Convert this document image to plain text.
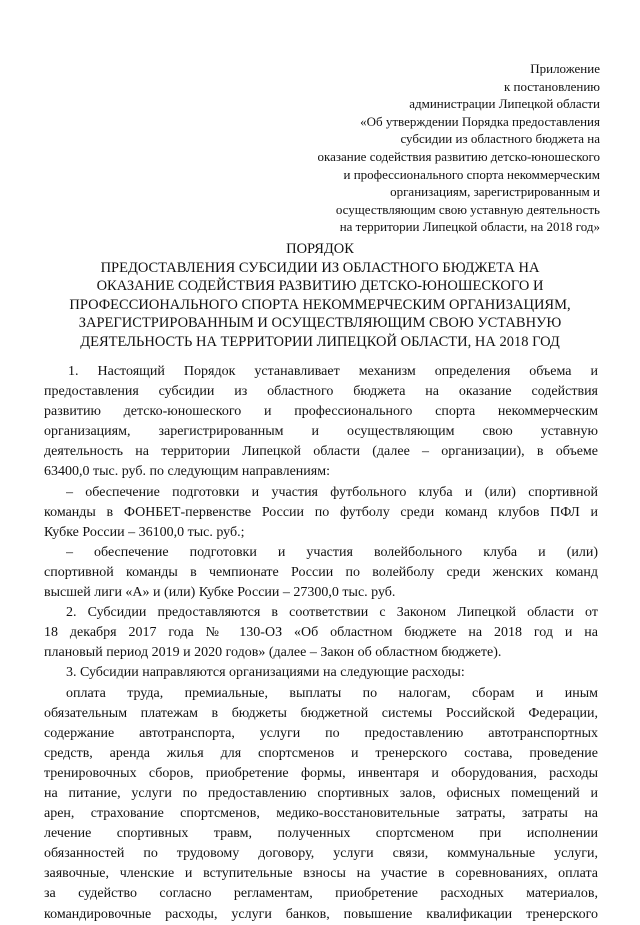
Приложение
к постановлению
администрации Липецкой области
«Об утверждении Порядка предоставления
субсидии из областного бюджета на
оказание содействия развитию детско-юношеского
и профессионального спорта некоммерческим
организациям, зарегистрированным и
осуществляющим свою уставную деятельность
на территории Липецкой области, на 2018 год»
ПОРЯДОК
ПРЕДОСТАВЛЕНИЯ СУБСИДИИ ИЗ ОБЛАСТНОГО БЮДЖЕТА НА
ОКАЗАНИЕ СОДЕЙСТВИЯ РАЗВИТИЮ ДЕТСКО-ЮНОШЕСКОГО И
ПРОФЕССИОНАЛЬНОГО СПОРТА НЕКОММЕРЧЕСКИМ ОРГАНИЗАЦИЯМ,
ЗАРЕГИСТРИРОВАННЫМ И ОСУЩЕСТВЛЯЮЩИМ СВОЮ УСТАВНУЮ
ДЕЯТЕЛЬНОСТЬ НА ТЕРРИТОРИИ ЛИПЕЦКОЙ ОБЛАСТИ, НА 2018 ГОД
1. Настоящий Порядок устанавливает механизм определения объема и
предоставления субсидии из областного бюджета на оказание содействия
развитию детско-юношеского и профессионального спорта некоммерческим
организациям, зарегистрированным и осуществляющим свою уставную
деятельность на территории Липецкой области (далее – организации), в объеме
63400,0 тыс. руб. по следующим направлениям:
– обеспечение подготовки и участия футбольного клуба и (или) спортивной
команды в ФОНБЕТ-первенстве России по футболу среди команд клубов ПФЛ и
Кубке России – 36100,0 тыс. руб.;
– обеспечение подготовки и участия волейбольного клуба и (или)
спортивной команды в чемпионате России по волейболу среди женских команд
высшей лиги «А» и (или) Кубке России – 27300,0 тыс. руб.
2. Субсидии предоставляются в соответствии с Законом Липецкой области от
18 декабря 2017 года № 130-ОЗ «Об областном бюджете на 2018 год и на
плановый период 2019 и 2020 годов» (далее – Закон об областном бюджете).
3. Субсидии направляются организациями на следующие расходы:
оплата труда, премиальные, выплаты по налогам, сборам и иным
обязательным платежам в бюджеты бюджетной системы Российской Федерации,
содержание автотранспорта, услуги по предоставлению автотранспортных
средств, аренда жилья для спортсменов и тренерского состава, проведение
тренировочных сборов, приобретение формы, инвентаря и оборудования, расходы
на питание, услуги по предоставлению спортивных залов, офисных помещений и
арен, страхование спортсменов, медико-восстановительные затраты, затраты на
лечение спортивных травм, полученных спортсменом при исполнении
обязанностей по трудовому договору, услуги связи, коммунальные услуги,
заявочные, членские и вступительные взносы на участие в соревнованиях, оплата
за судейство согласно регламентам, приобретение расходных материалов,
командировочные расходы, услуги банков, повышение квалификации тренерского
